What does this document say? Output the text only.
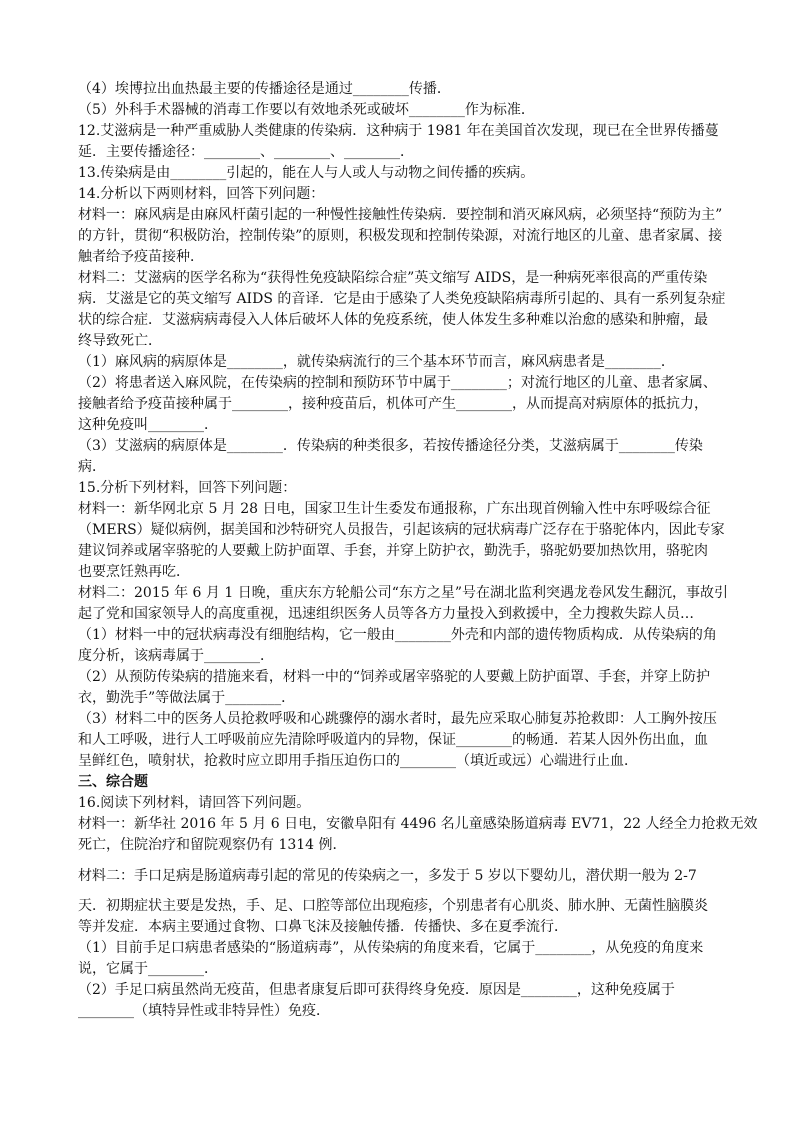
（4）埃博拉出血热最主要的传播途径是通过________传播．

（5）外科手术器械的消毒工作要以有效地杀死或破坏________作为标准．

12.艾滋病是一种严重威胁人类健康的传染病．这种病于 1981 年在美国首次发现，现已在全世界传播蔓

延．主要传播途径：________、________、________．

13.传染病是由________引起的，能在人与人或人与动物之间传播的疾病。

14.分析以下两则材料，回答下列问题：

材料一：麻风病是由麻风杆菌引起的一种慢性接触性传染病．要控制和消灭麻风病，必须坚持“预防为主”

的方针，贯彻“积极防治，控制传染”的原则，积极发现和控制传染源，对流行地区的儿童、患者家属、接

触者给予疫苗接种．

材料二：艾滋病的医学名称为“获得性免疫缺陷综合症”英文缩写 AIDS，是一种病死率很高的严重传染

病．艾滋是它的英文缩写 AIDS 的音译．它是由于感染了人类免疫缺陷病毒所引起的、具有一系列复杂症

状的综合症．艾滋病病毒侵入人体后破坏人体的免疫系统，使人体发生多种难以治愈的感染和肿瘤，最

终导致死亡．

（1）麻风病的病原体是________，就传染病流行的三个基本环节而言，麻风病患者是________．

（2）将患者送入麻风院，在传染病的控制和预防环节中属于________；对流行地区的儿童、患者家属、

接触者给予疫苗接种属于________，接种疫苗后，机体可产生________，从而提高对病原体的抵抗力，

这种免疫叫________．

（3）艾滋病的病原体是________．传染病的种类很多，若按传播途径分类，艾滋病属于________传染

病．

15.分析下列材料，回答下列问题：

材料一：新华网北京 5 月 28 日电，国家卫生计生委发布通报称，广东出现首例输入性中东呼吸综合征

（MERS）疑似病例，据美国和沙特研究人员报告，引起该病的冠状病毒广泛存在于骆驼体内，因此专家

建议饲养或屠宰骆驼的人要戴上防护面罩、手套，并穿上防护衣，勤洗手，骆驼奶要加热饮用，骆驼肉

也要烹饪熟再吃．

材料二：2015 年 6 月 1 日晚，重庆东方轮船公司“东方之星”号在湖北监利突遇龙卷风发生翻沉，事故引

起了党和国家领导人的高度重视，迅速组织医务人员等各方力量投入到救援中，全力搜救失踪人员…

（1）材料一中的冠状病毒没有细胞结构，它一般由________外壳和内部的遗传物质构成．从传染病的角

度分析，该病毒属于________．

（2）从预防传染病的措施来看，材料一中的“饲养或屠宰骆驼的人要戴上防护面罩、手套，并穿上防护

衣，勤洗手”等做法属于________．

（3）材料二中的医务人员抢救呼吸和心跳骤停的溺水者时，最先应采取心肺复苏抢救即：人工胸外按压

和人工呼吸，进行人工呼吸前应先清除呼吸道内的异物，保证________的畅通．若某人因外伤出血，血

呈鲜红色，喷射状，抢救时应立即用手指压迫伤口的________（填近或远）心端进行止血．

三、综合题

16.阅读下列材料，请回答下列问题。

材料一：新华社 2016 年 5 月 6 日电，安徽阜阳有 4496 名儿童感染肠道病毒 EV71，22 人经全力抢救无效

死亡，住院治疗和留院观察仍有 1314 例．

材料二：手口足病是肠道病毒引起的常见的传染病之一，多发于 5 岁以下婴幼儿，潜伏期一般为 2-7

天．初期症状主要是发热，手、足、口腔等部位出现疱疹，个别患者有心肌炎、肺水肿、无菌性脑膜炎

等并发症．本病主要通过食物、口鼻飞沫及接触传播．传播快、多在夏季流行．

（1）目前手足口病患者感染的“肠道病毒”，从传染病的角度来看，它属于________，从免疫的角度来

说，它属于________．

（2）手足口病虽然尚无疫苗，但患者康复后即可获得终身免疫．原因是________，这种免疫属于

________（填特异性或非特异性）免疫．
